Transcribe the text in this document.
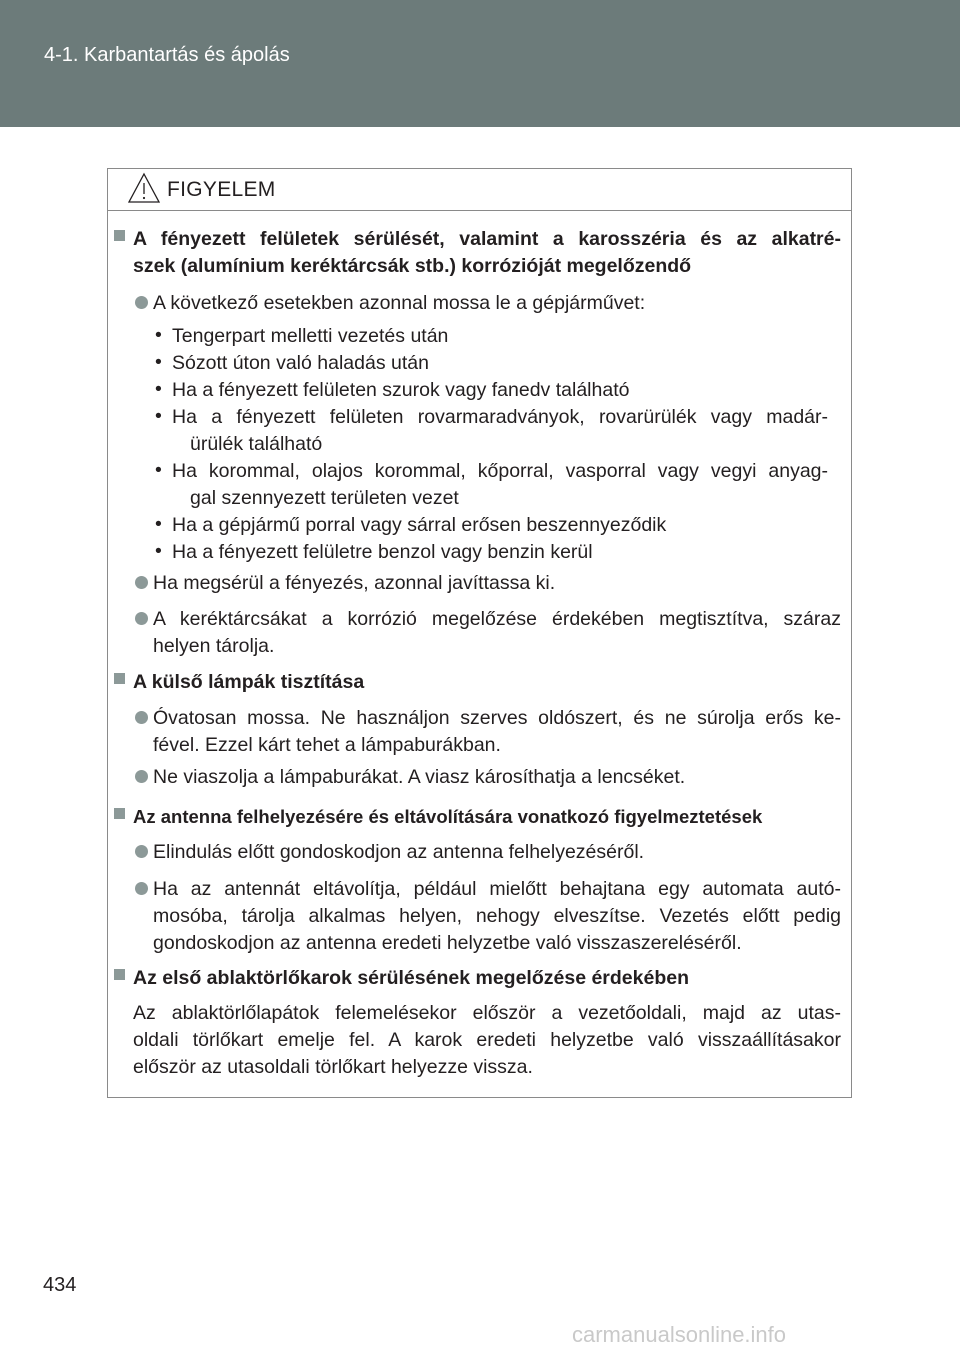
4-1. Karbantartás és ápolás
FIGYELEM
A fényezett felületek sérülését, valamint a karosszéria és az alkatré-
szek (alumínium keréktárcsák stb.) korrózióját megelőzendő
A következő esetekben azonnal mossa le a gépjárművet:
• Tengerpart melletti vezetés után
• Sózott úton való haladás után
• Ha a fényezett felületen szurok vagy fanedv található
• Ha a fényezett felületen rovarmaradványok, rovarürülék vagy madár-
ürülék található
• Ha korommal, olajos korommal, kőporral, vasporral vagy vegyi anyag-
gal szennyezett területen vezet
• Ha a gépjármű porral vagy sárral erősen beszennyeződik
• Ha a fényezett felületre benzol vagy benzin kerül
Ha megsérül a fényezés, azonnal javíttassa ki.
A keréktárcsákat a korrózió megelőzése érdekében megtisztítva, száraz
helyen tárolja.
A külső lámpák tisztítása
Óvatosan mossa. Ne használjon szerves oldószert, és ne súrolja erős ke-
fével. Ezzel kárt tehet a lámpaburákban.
Ne viaszolja a lámpaburákat. A viasz károsíthatja a lencséket.
Az antenna felhelyezésére és eltávolítására vonatkozó figyelmeztetések
Elindulás előtt gondoskodjon az antenna felhelyezéséről.
Ha az antennát eltávolítja, például mielőtt behajtana egy automata autó-
mosóba, tárolja alkalmas helyen, nehogy elveszítse. Vezetés előtt pedig
gondoskodjon az antenna eredeti helyzetbe való visszaszereléséről.
Az első ablaktörlőkarok sérülésének megelőzése érdekében
Az ablaktörlőlapátok felemelésekor először a vezetőoldali, majd az utas-
oldali törlőkart emelje fel. A karok eredeti helyzetbe való visszaállításakor
először az utasoldali törlőkart helyezze vissza.
434
carmanualsonline.info
